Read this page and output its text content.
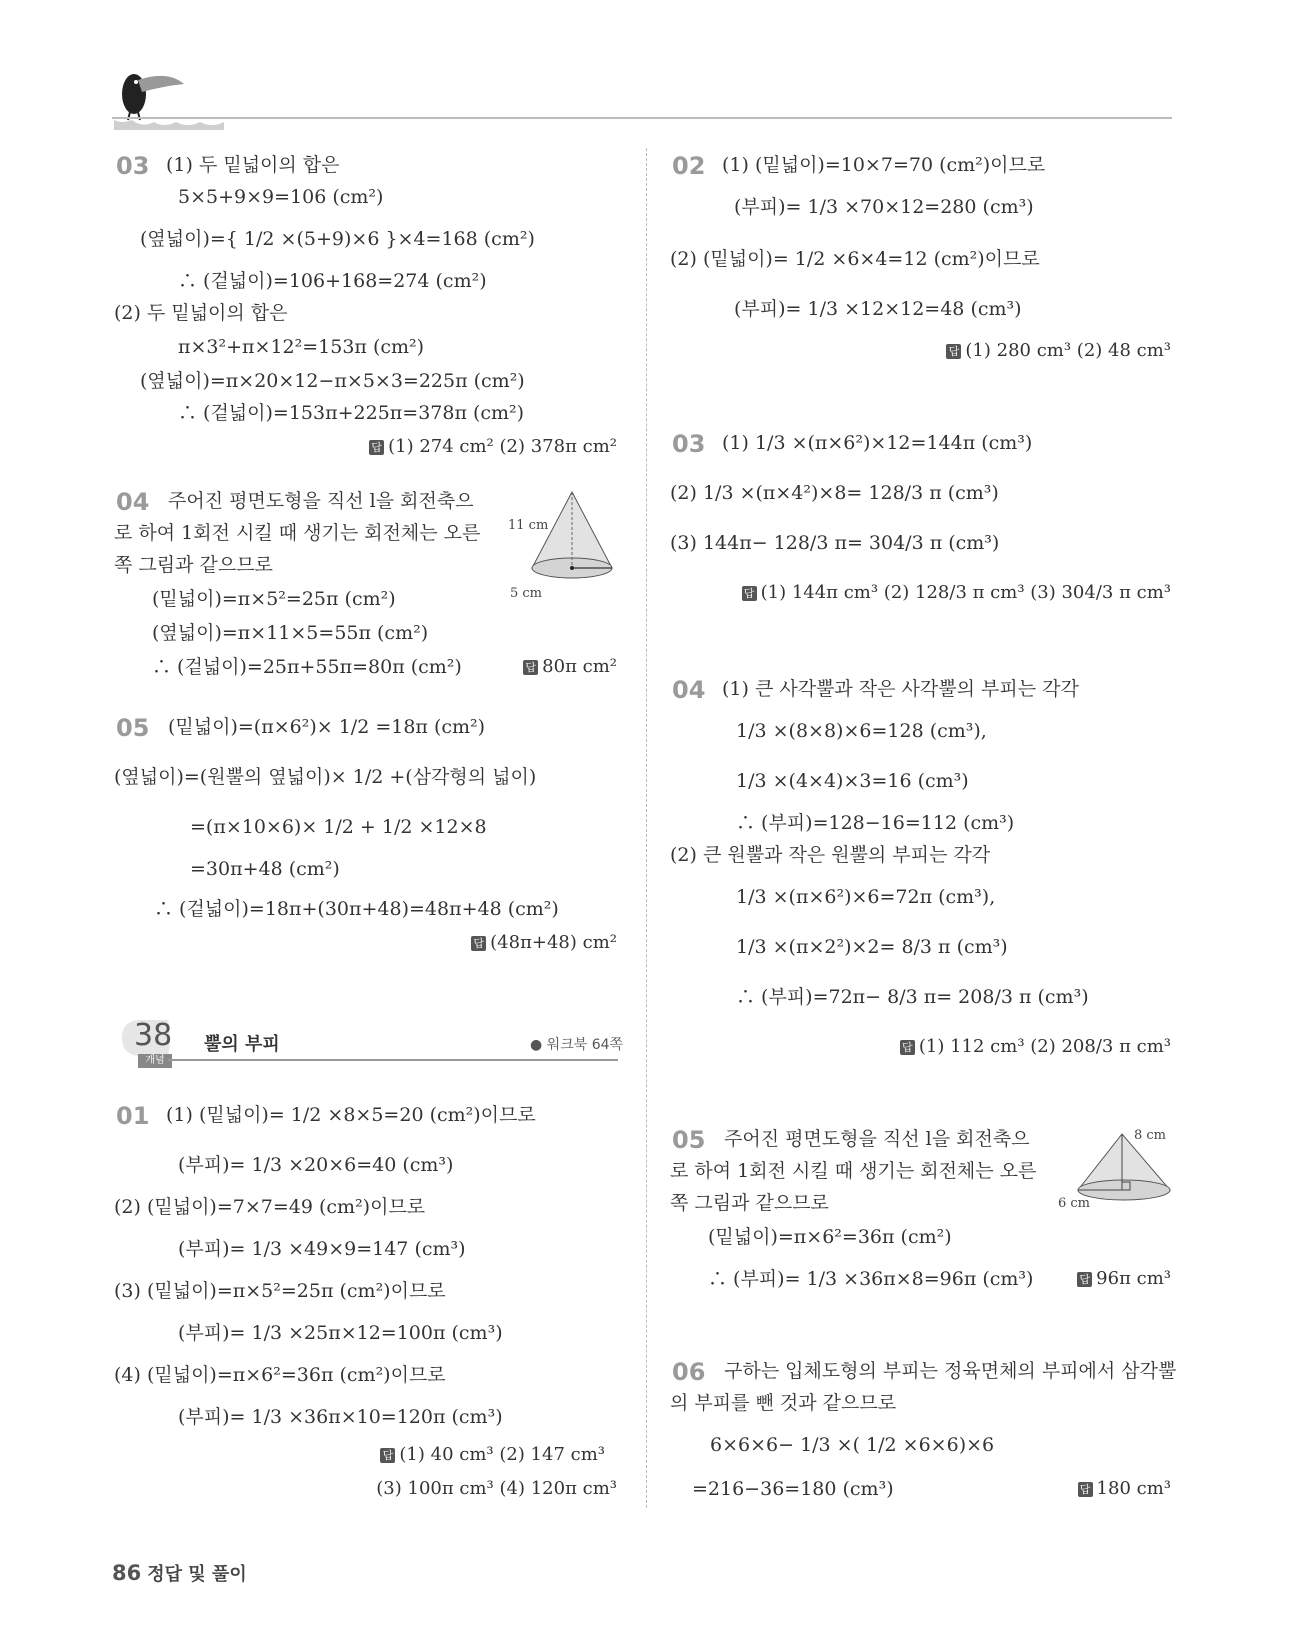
03 (1) 두 밑넓이의 합은
5×5+9×9=106 (cm²)
(옆넓이)={ 1/2 ×(5+9)×6 }×4=168 (cm²)
∴ (겉넓이)=106+168=274 (cm²)
(2) 두 밑넓이의 합은
π×3²+π×12²=153π (cm²)
(옆넓이)=π×20×12−π×5×3=225π (cm²)
∴ (겉넓이)=153π+225π=378π (cm²)
답 (1) 274 cm² (2) 378π cm²
04 주어진 평면도형을 직선 l을 회전축으
로 하여 1회전 시킬 때 생기는 회전체는 오른
쪽 그림과 같으므로
(밑넓이)=π×5²=25π (cm²)
(옆넓이)=π×11×5=55π (cm²)
∴ (겉넓이)=25π+55π=80π (cm²)	답 80π cm²
11 cm
5 cm
05 (밑넓이)=(π×6²)× 1/2 =18π (cm²)
(옆넓이)=(원뿔의 옆넓이)× 1/2 +(삼각형의 넓이)
=(π×10×6)× 1/2 + 1/2 ×12×8
=30π+48 (cm²)
∴ (겉넓이)=18π+(30π+48)=48π+48 (cm²)
답 (48π+48) cm²
38
개념
뿔의 부피	● 워크북 64쪽
01 (1) (밑넓이)= 1/2 ×8×5=20 (cm²)이므로
(부피)= 1/3 ×20×6=40 (cm³)
(2) (밑넓이)=7×7=49 (cm²)이므로
(부피)= 1/3 ×49×9=147 (cm³)
(3) (밑넓이)=π×5²=25π (cm²)이므로
(부피)= 1/3 ×25π×12=100π (cm³)
(4) (밑넓이)=π×6²=36π (cm²)이므로
(부피)= 1/3 ×36π×10=120π (cm³)
답 (1) 40 cm³ (2) 147 cm³
(3) 100π cm³ (4) 120π cm³
02 (1) (밑넓이)=10×7=70 (cm²)이므로
(부피)= 1/3 ×70×12=280 (cm³)
(2) (밑넓이)= 1/2 ×6×4=12 (cm²)이므로
(부피)= 1/3 ×12×12=48 (cm³)
답 (1) 280 cm³ (2) 48 cm³
03 (1) 1/3 ×(π×6²)×12=144π (cm³)
(2) 1/3 ×(π×4²)×8= 128/3 π (cm³)
(3) 144π− 128/3 π= 304/3 π (cm³)
답 (1) 144π cm³ (2) 128/3 π cm³ (3) 304/3 π cm³
04 (1) 큰 사각뿔과 작은 사각뿔의 부피는 각각
1/3 ×(8×8)×6=128 (cm³),
1/3 ×(4×4)×3=16 (cm³)
∴ (부피)=128−16=112 (cm³)
(2) 큰 원뿔과 작은 원뿔의 부피는 각각
1/3 ×(π×6²)×6=72π (cm³),
1/3 ×(π×2²)×2= 8/3 π (cm³)
∴ (부피)=72π− 8/3 π= 208/3 π (cm³)
답 (1) 112 cm³ (2) 208/3 π cm³
05 주어진 평면도형을 직선 l을 회전축으
로 하여 1회전 시킬 때 생기는 회전체는 오른
쪽 그림과 같으므로
(밑넓이)=π×6²=36π (cm²)
∴ (부피)= 1/3 ×36π×8=96π (cm³)	답 96π cm³
8 cm
6 cm
06 구하는 입체도형의 부피는 정육면체의 부피에서 삼각뿔
의 부피를 뺀 것과 같으므로
6×6×6− 1/3 ×( 1/2 ×6×6)×6
=216−36=180 (cm³)	답 180 cm³
86 정답 및 풀이
